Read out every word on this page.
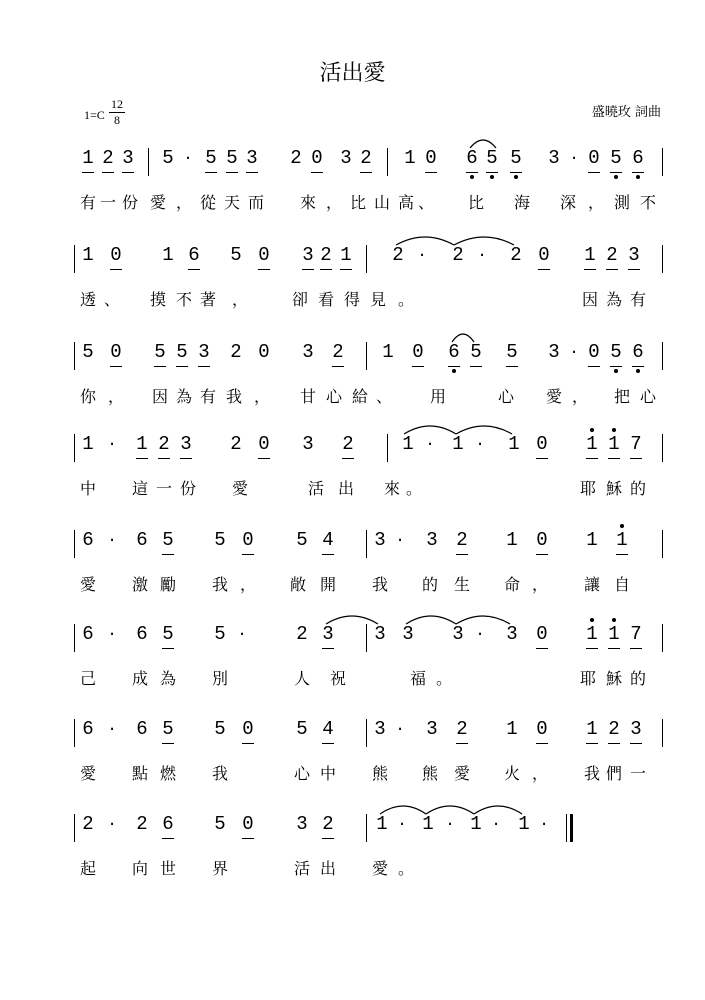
活出愛
1=C
12
8	盛曉玫 詞曲
1 2 3 5 · 5 5 3 2 0 3 2 1 0 6 5 5 3 · 0 5 6
有 一 份 愛 ， 從 天 而 來 ， 比 山 高 、 比 海 深 ， 測 不
1 0 1 6 5 0 3 2 1 2 · 2 · 2 0 1 2 3
透 、 摸 不 著 ，	卻 看 得 見 。	因 為 有
5 0 5 5 3 2 0 3 2 1 0 6 5 5 3 · 0 5 6
你 ， 因 為 有 我 ， 甘 心 給 、 用	心 愛 ， 把 心
1 · 1 2 3 2 0 3 2	1 · 1 · 1 0 1 1 7
中 這 一 份 愛	活 出 來 。	耶 穌 的
6 · 6 5 5 0 5 4 3 · 3 2 1 0 1 1
愛 激 勵 我 ， 敞 開 我 的 生 命 ， 讓 自
6 · 6 5 5 ·	2 3 3 3 3 · 3 0 1 1 7
己 成 為 別	人 祝	福 。	耶 穌 的
6 · 6 5 5 0 5 4 3 · 3 2 1 0 1 2 3
愛 點 燃 我	心 中 熊 熊 愛 火 ， 我 們 一
2 · 2 6 5 0 3 2 1 · 1 · 1 · 1 ·
起 向 世 界	活 出 愛 。
